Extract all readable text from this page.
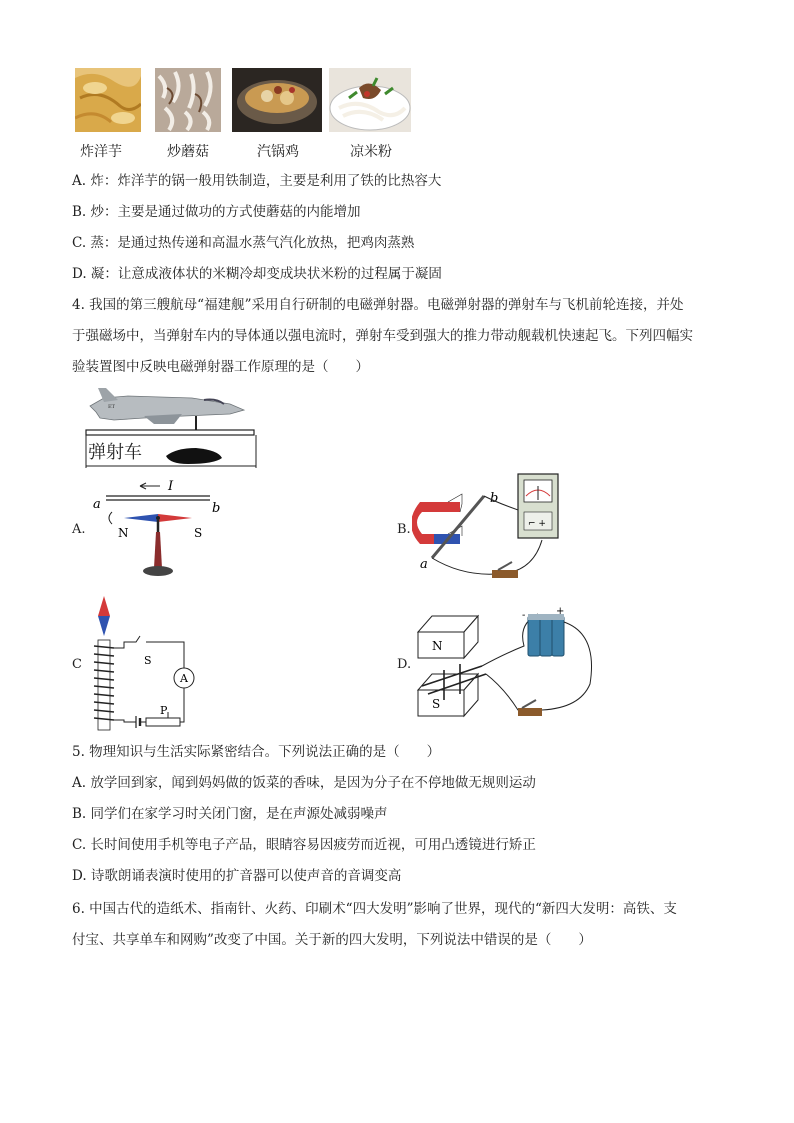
炸洋芋	炒蘑菇	汽锅鸡	凉米粉
A. 炸：炸洋芋的锅一般用铁制造，主要是利用了铁的比热容大
B. 炒：主要是通过做功的方式使蘑菇的内能增加
C. 蒸：是通过热传递和高温水蒸气汽化放热，把鸡肉蒸熟
D. 凝：让意成液体状的米糊冷却变成块状米粉的过程属于凝固
4. 我国的第三艘航母“福建舰”采用自行研制的电磁弹射器。电磁弹射器的弹射车与飞机前轮连接，并处
于强磁场中，当弹射车内的导体通以强电流时，弹射车受到强大的推力带动舰载机快速起飞。下列四幅实
验装置图中反映电磁弹射器工作原理的是（　　）
ET
弹射车
A.
I
a	b
N	S	B.
b
a
⌐ +
C	S
A
P
D.
N
S
-	+
5. 物理知识与生活实际紧密结合。下列说法正确的是（　　）
A. 放学回到家，闻到妈妈做的饭菜的香味，是因为分子在不停地做无规则运动
B. 同学们在家学习时关闭门窗，是在声源处减弱噪声
C. 长时间使用手机等电子产品，眼睛容易因疲劳而近视，可用凸透镜进行矫正
D. 诗歌朗诵表演时使用的扩音器可以使声音的音调变高
6. 中国古代的造纸术、指南针、火药、印刷术“四大发明”影响了世界，现代的“新四大发明：高铁、支
付宝、共享单车和网购”改变了中国。关于新的四大发明，下列说法中错误的是（　　）
